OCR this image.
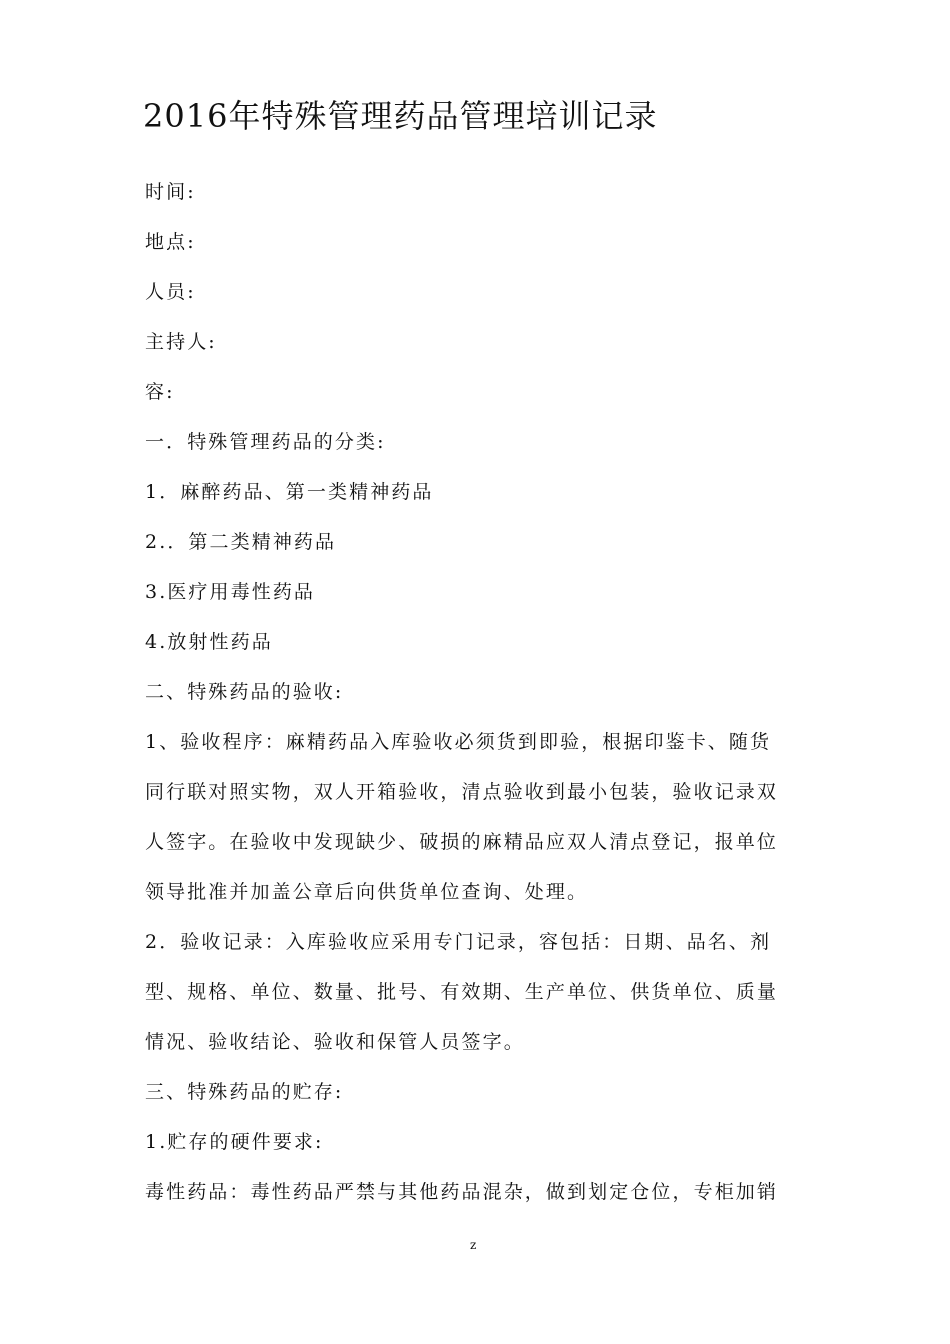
2016年特殊管理药品管理培训记录
时间:
地点:
人员:
主持人:
容:
一．特殊管理药品的分类:
1．麻醉药品、第一类精神药品
2.．第二类精神药品
3.医疗用毒性药品
4.放射性药品
二、特殊药品的验收:
1、验收程序：麻精药品入库验收必须货到即验，根据印鉴卡、随货
同行联对照实物，双人开箱验收，清点验收到最小包装，验收记录双
人签字。在验收中发现缺少、破损的麻精品应双人清点登记，报单位
领导批准并加盖公章后向供货单位查询、处理。
2．验收记录：入库验收应采用专门记录，容包括：日期、品名、剂
型、规格、单位、数量、批号、有效期、生产单位、供货单位、质量
情况、验收结论、验收和保管人员签字。
三、特殊药品的贮存:
1.贮存的硬件要求:
毒性药品：毒性药品严禁与其他药品混杂，做到划定仓位，专柜加销
z
